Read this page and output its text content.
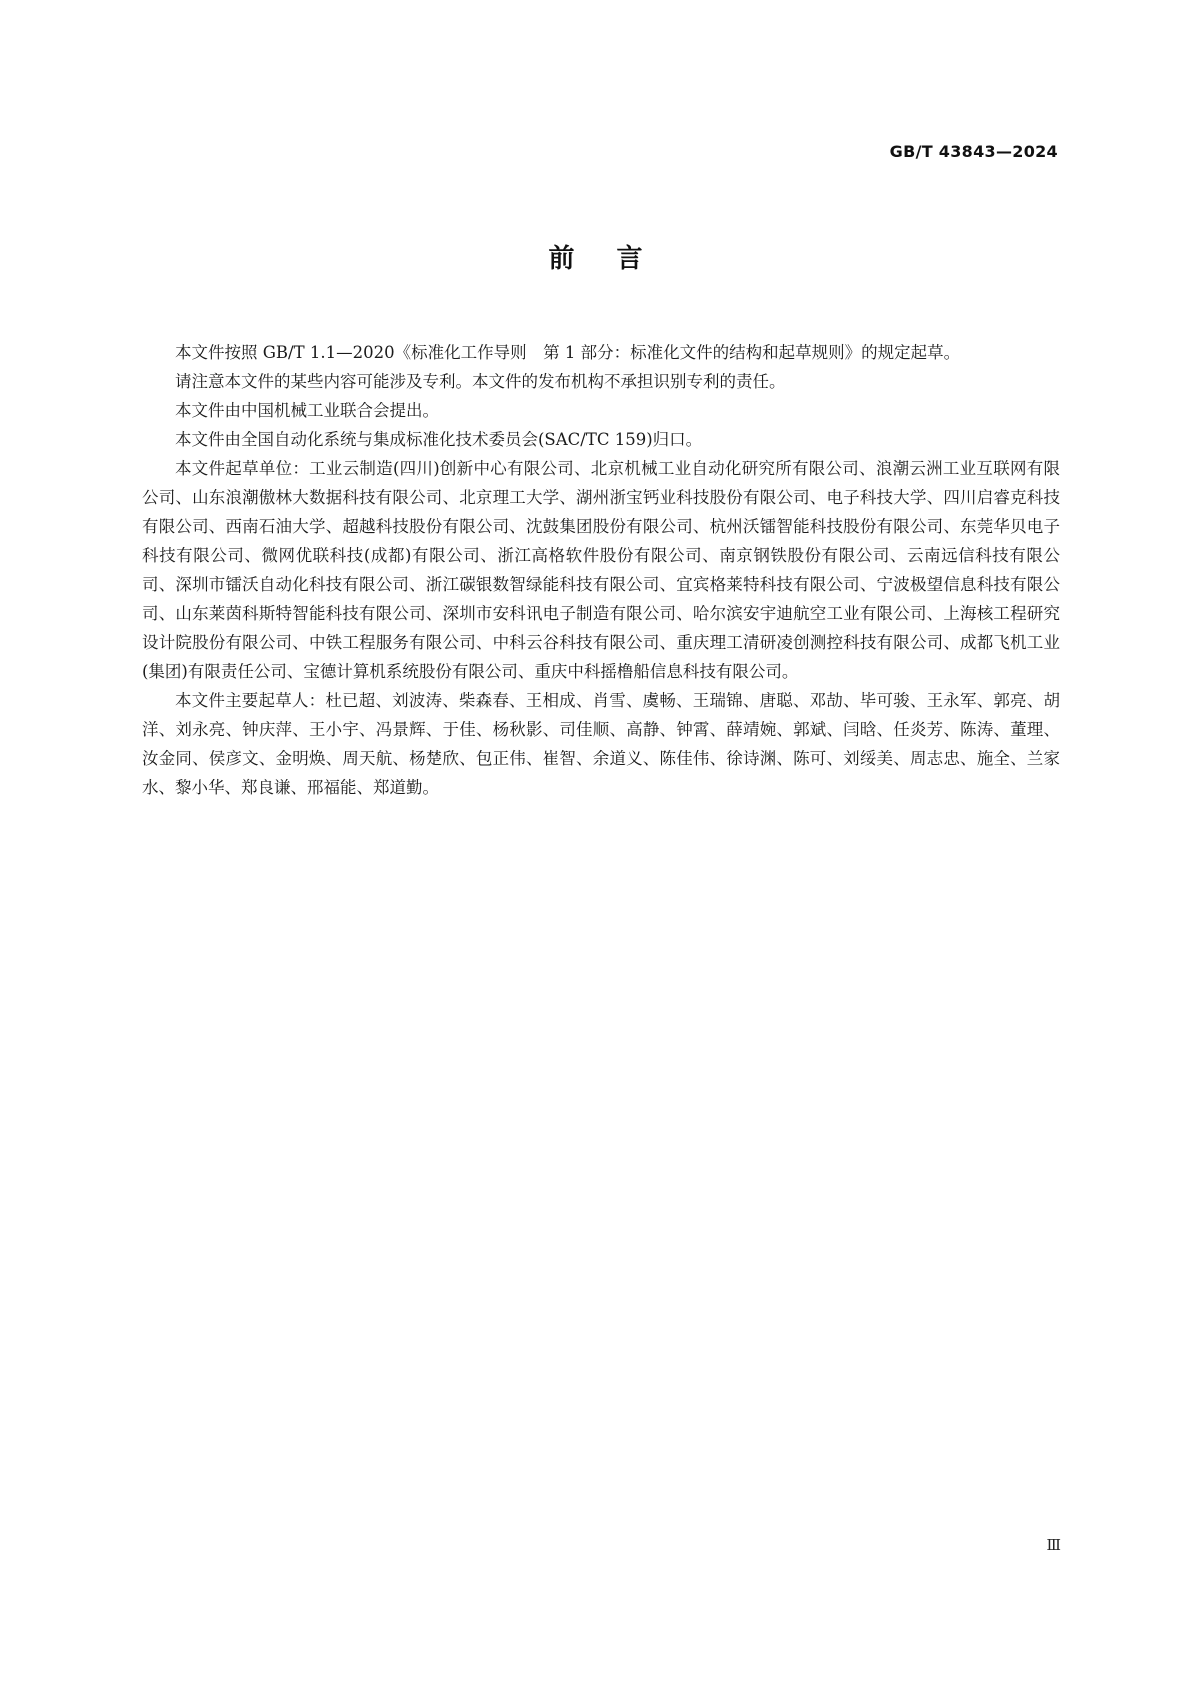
GB/T 43843—2024
前言

本文件按照 GB/T 1.1—2020《标准化工作导则　第 1 部分：标准化文件的结构和起草规则》的规定起草。

请注意本文件的某些内容可能涉及专利。本文件的发布机构不承担识别专利的责任。

本文件由中国机械工业联合会提出。

本文件由全国自动化系统与集成标准化技术委员会(SAC/TC 159)归口。

本文件起草单位：工业云制造(四川)创新中心有限公司、北京机械工业自动化研究所有限公司、浪潮云洲工业互联网有限公司、山东浪潮傲林大数据科技有限公司、北京理工大学、湖州浙宝钙业科技股份有限公司、电子科技大学、四川启睿克科技有限公司、西南石油大学、超越科技股份有限公司、沈鼓集团股份有限公司、杭州沃镭智能科技股份有限公司、东莞华贝电子科技有限公司、微网优联科技(成都)有限公司、浙江高格软件股份有限公司、南京钢铁股份有限公司、云南远信科技有限公司、深圳市镭沃自动化科技有限公司、浙江碳银数智绿能科技有限公司、宜宾格莱特科技有限公司、宁波极望信息科技有限公司、山东莱茵科斯特智能科技有限公司、深圳市安科讯电子制造有限公司、哈尔滨安宇迪航空工业有限公司、上海核工程研究设计院股份有限公司、中铁工程服务有限公司、中科云谷科技有限公司、重庆理工清研凌创测控科技有限公司、成都飞机工业(集团)有限责任公司、宝德计算机系统股份有限公司、重庆中科摇橹船信息科技有限公司。

本文件主要起草人：杜已超、刘波涛、柴森春、王相成、肖雪、虞畅、王瑞锦、唐聪、邓劼、毕可骏、王永军、郭亮、胡洋、刘永亮、钟庆萍、王小宇、冯景辉、于佳、杨秋影、司佳顺、高静、钟霄、薛靖婉、郭斌、闫晗、任炎芳、陈涛、董理、汝金同、侯彦文、金明焕、周天航、杨楚欣、包正伟、崔智、余道义、陈佳伟、徐诗渊、陈可、刘绥美、周志忠、施全、兰家水、黎小华、郑良谦、邢福能、郑道勤。

Ⅲ
